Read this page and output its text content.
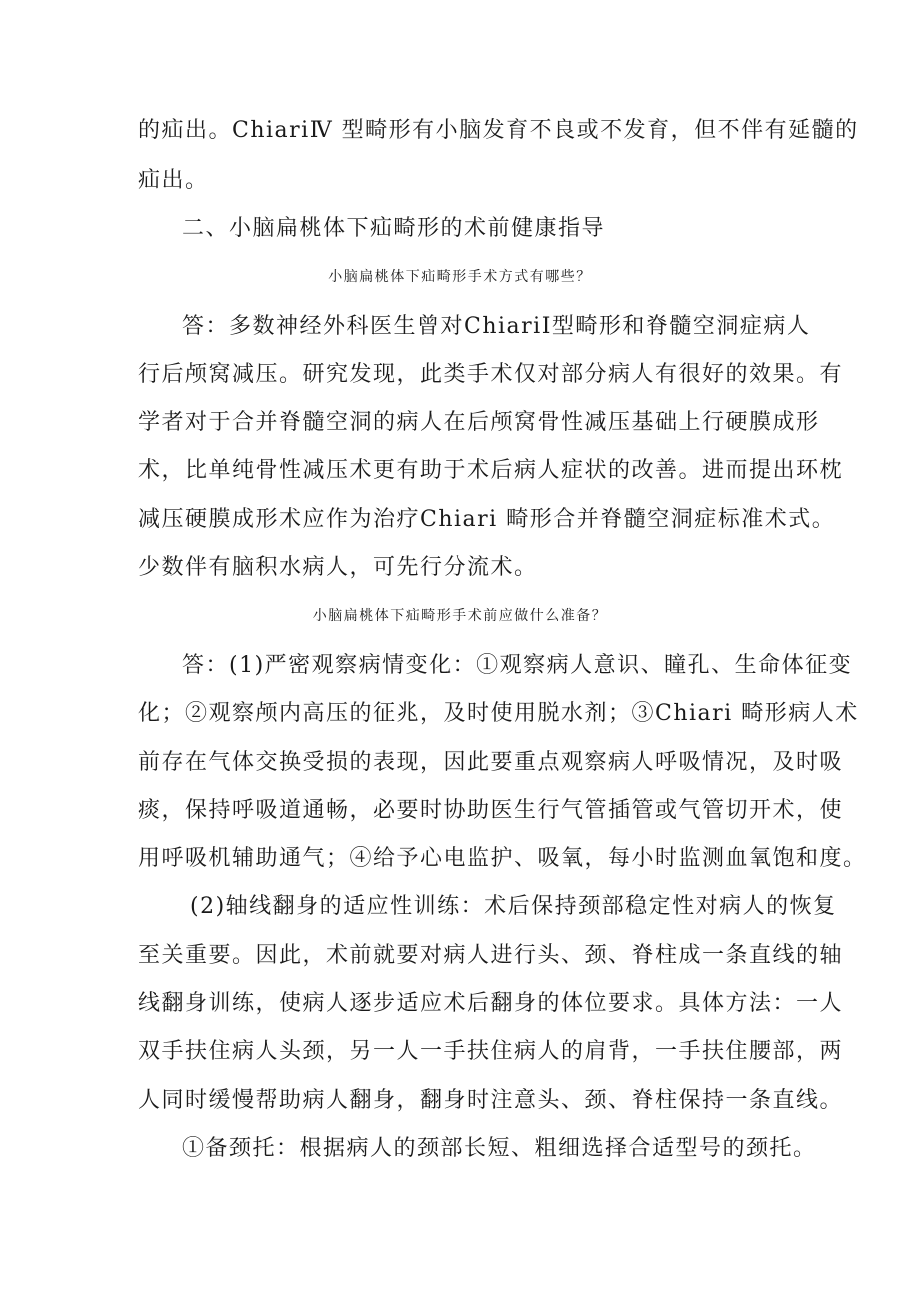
的疝出。ChiariⅣ 型畸形有小脑发育不良或不发育，但不伴有延髓的
疝出。
二、小脑扁桃体下疝畸形的术前健康指导
小脑扁桃体下疝畸形手术方式有哪些？
答：多数神经外科医生曾对ChiariⅠ型畸形和脊髓空洞症病人
行后颅窝减压。研究发现，此类手术仅对部分病人有很好的效果。有
学者对于合并脊髓空洞的病人在后颅窝骨性减压基础上行硬膜成形
术，比单纯骨性减压术更有助于术后病人症状的改善。进而提出环枕
减压硬膜成形术应作为治疗Chiari 畸形合并脊髓空洞症标准术式。
少数伴有脑积水病人，可先行分流术。
小脑扁桃体下疝畸形手术前应做什么准备？
答：(1)严密观察病情变化：①观察病人意识、瞳孔、生命体征变
化；②观察颅内高压的征兆，及时使用脱水剂；③Chiari 畸形病人术
前存在气体交换受损的表现，因此要重点观察病人呼吸情况，及时吸
痰，保持呼吸道通畅，必要时协助医生行气管插管或气管切开术，使
用呼吸机辅助通气；④给予心电监护、吸氧，每小时监测血氧饱和度。
(2)轴线翻身的适应性训练：术后保持颈部稳定性对病人的恢复
至关重要。因此，术前就要对病人进行头、颈、脊柱成一条直线的轴
线翻身训练，使病人逐步适应术后翻身的体位要求。具体方法：一人
双手扶住病人头颈，另一人一手扶住病人的肩背，一手扶住腰部，两
人同时缓慢帮助病人翻身，翻身时注意头、颈、脊柱保持一条直线。
①备颈托：根据病人的颈部长短、粗细选择合适型号的颈托。
